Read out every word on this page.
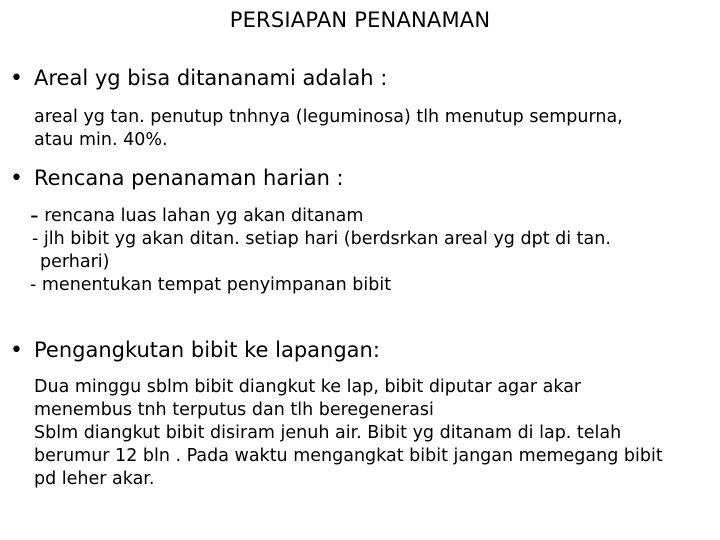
PERSIAPAN PENANAMAN
• Areal yg bisa ditananami adalah :
areal yg tan. penutup tnhnya (leguminosa) tlh menutup sempurna,
atau min. 40%.
• Rencana penanaman harian :
- rencana luas lahan yg akan ditanam
- jlh bibit yg akan ditan. setiap hari (berdsrkan areal yg dpt di tan.
perhari)
- menentukan tempat penyimpanan bibit
• Pengangkutan bibit ke lapangan:
Dua minggu sblm bibit diangkut ke lap, bibit diputar agar akar
menembus tnh terputus dan tlh beregenerasi
Sblm diangkut bibit disiram jenuh air. Bibit yg ditanam di lap. telah
berumur 12 bln . Pada waktu mengangkat bibit jangan memegang bibit
pd leher akar.
